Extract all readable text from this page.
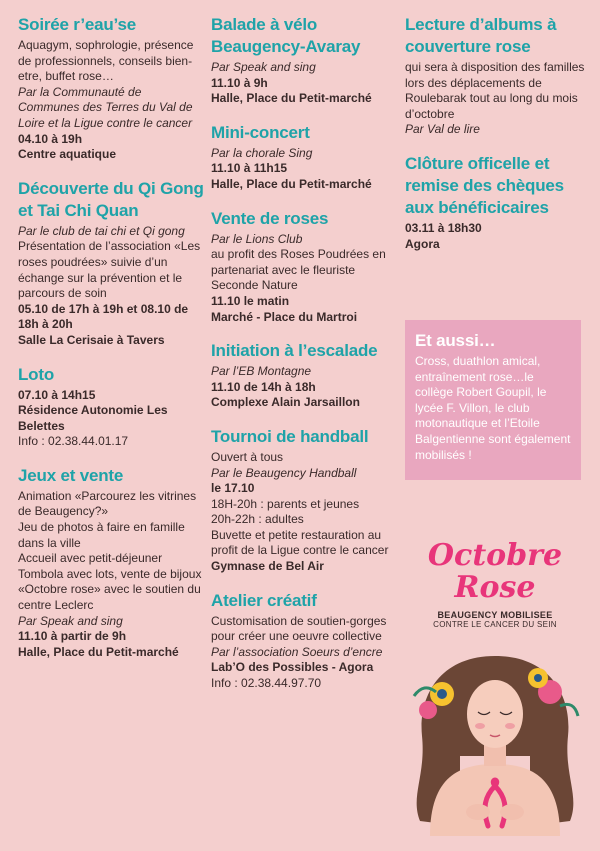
Soirée r’eau’se
Aquagym, sophrologie, présence de professionnels, conseils bien-etre, buffet rose…
Par la Communauté de Communes des Terres du Val de Loire et la Ligue contre le cancer
04.10 à 19h
Centre aquatique
Découverte du Qi Gong et Tai Chi Quan
Par le club de tai chi et Qi gong
Présentation de l’association «Les roses poudrées» suivie d’un échange sur la prévention et le parcours de soin
05.10 de 17h à 19h et 08.10 de 18h à 20h
Salle La Cerisaie à Tavers
Loto
07.10 à 14h15
Résidence Autonomie Les Belettes
Info : 02.38.44.01.17
Jeux et vente
Animation «Parcourez les vitrines de Beaugency?»
Jeu de photos à faire en famille dans la ville
Accueil avec petit-déjeuner
Tombola avec lots, vente de bijoux «Octobre rose» avec le soutien du centre Leclerc
Par Speak and sing
11.10 à partir de 9h
Halle, Place du Petit-marché
Balade à vélo Beaugency-Avaray
Par Speak and sing
11.10 à 9h
Halle, Place du Petit-marché
Mini-concert
Par la chorale Sing
11.10 à 11h15
Halle, Place du Petit-marché
Vente de roses
Par le Lions Club
au profit des Roses Poudrées en partenariat avec le fleuriste Seconde Nature
11.10 le matin
Marché - Place du Martroi
Initiation à l’escalade
Par l’EB Montagne
11.10 de 14h à 18h
Complexe Alain Jarsaillon
Tournoi de handball
Ouvert à tous
Par le Beaugency Handball
le 17.10
18H-20h : parents et jeunes
20h-22h : adultes
Buvette et petite restauration au profit de la Ligue contre le cancer
Gymnase de Bel Air
Atelier créatif
Customisation de soutien-gorges pour créer une oeuvre collective
Par l’association Soeurs d’encre
Lab’O des Possibles - Agora
Info : 02.38.44.97.70
Lecture d’albums à couverture rose
qui sera à disposition des familles lors des déplacements de Roulebarak tout au long du mois d’octobre
Par Val de lire
Clôture officelle et remise des chèques aux bénéficicaires
03.11 à 18h30
Agora
Et aussi…
Cross, duathlon amical, entraînement rose…le collège Robert Goupil, le lycée F. Villon, le club motonautique et l’Etoile Balgentienne sont également mobilisés !
Octobre
Rose
BEAUGENCY MOBILISEE
CONTRE LE CANCER DU SEIN
